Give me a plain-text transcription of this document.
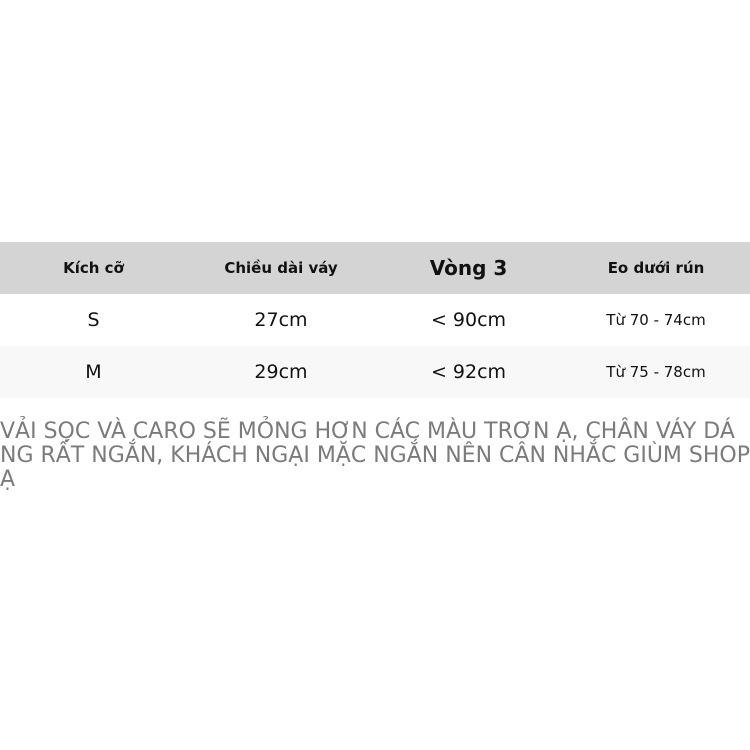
Kích cỡ	Chiều dài váy	Vòng 3	Eo dưới rún
S	27cm	< 90cm	Từ 70 - 74cm
M	29cm	< 92cm	Từ 75 - 78cm

VẢI SỌC VÀ CARO SẼ MỎNG HƠN CÁC MÀU TRƠN Ạ, CHÂN VÁY DÁNG RẤT NGẮN, KHÁCH NGẠI MẶC NGẮN NÊN CÂN NHẮC GIÙM SHOP Ạ
